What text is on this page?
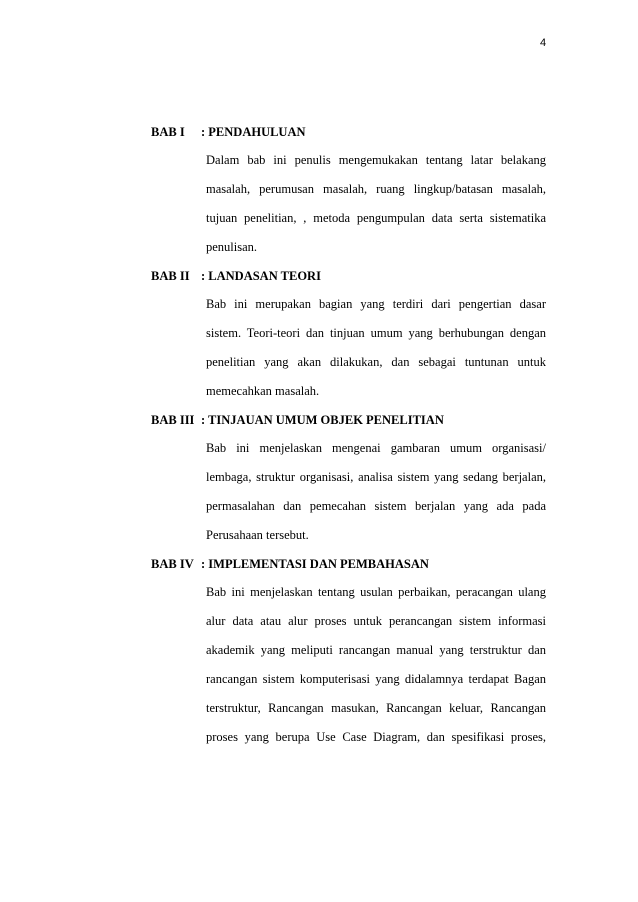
4
BAB I	: PENDAHULUAN
Dalam bab ini penulis mengemukakan tentang latar belakang
masalah, perumusan masalah, ruang lingkup/batasan masalah,
tujuan penelitian, , metoda pengumpulan data serta sistematika
penulisan.
BAB II : LANDASAN TEORI
Bab ini merupakan bagian yang terdiri dari pengertian dasar
sistem. Teori-teori dan tinjuan umum yang berhubungan dengan
penelitian yang akan dilakukan, dan sebagai tuntunan untuk
memecahkan masalah.
BAB III : TINJAUAN UMUM OBJEK PENELITIAN
Bab ini menjelaskan mengenai gambaran umum organisasi/
lembaga, struktur organisasi, analisa sistem yang sedang berjalan,
permasalahan dan pemecahan sistem berjalan yang ada pada
Perusahaan tersebut.
BAB IV : IMPLEMENTASI DAN PEMBAHASAN
Bab ini menjelaskan tentang usulan perbaikan, peracangan ulang
alur data atau alur proses untuk perancangan sistem informasi
akademik yang meliputi rancangan manual yang terstruktur dan
rancangan sistem komputerisasi yang didalamnya terdapat Bagan
terstruktur, Rancangan masukan, Rancangan keluar, Rancangan
proses yang berupa Use Case Diagram, dan spesifikasi proses,
